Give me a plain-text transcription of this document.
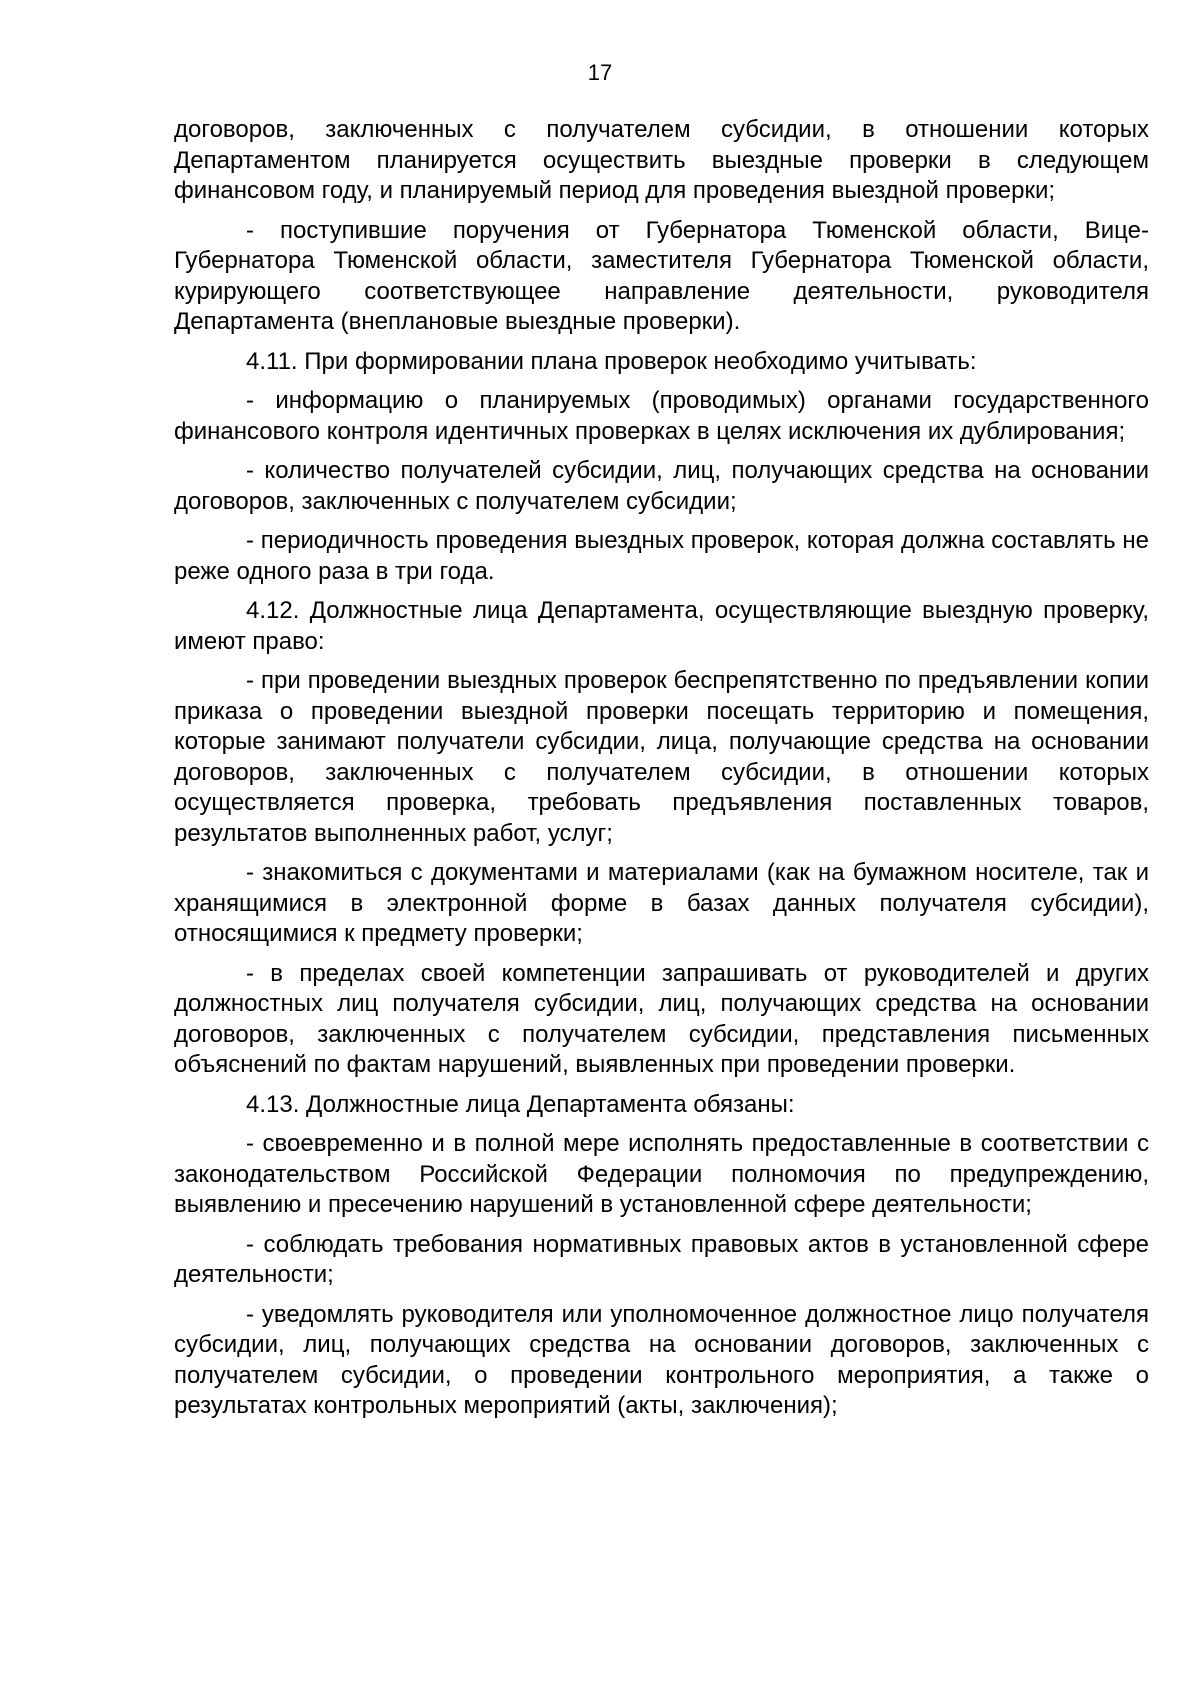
17

договоров, заключенных с получателем субсидии, в отношении которых Департаментом планируется осуществить выездные проверки в следующем финансовом году, и планируемый период для проведения выездной проверки;

- поступившие поручения от Губернатора Тюменской области, Вице-Губернатора Тюменской области, заместителя Губернатора Тюменской области, курирующего соответствующее направление деятельности, руководителя Департамента (внеплановые выездные проверки).

4.11. При формировании плана проверок необходимо учитывать:

- информацию о планируемых (проводимых) органами государственного финансового контроля идентичных проверках в целях исключения их дублирования;

- количество получателей субсидии, лиц, получающих средства на основании договоров, заключенных с получателем субсидии;

- периодичность проведения выездных проверок, которая должна составлять не реже одного раза в три года.

4.12. Должностные лица Департамента, осуществляющие выездную проверку, имеют право:

- при проведении выездных проверок беспрепятственно по предъявлении копии приказа о проведении выездной проверки посещать территорию и помещения, которые занимают получатели субсидии, лица, получающие средства на основании договоров, заключенных с получателем субсидии, в отношении которых осуществляется проверка, требовать предъявления поставленных товаров, результатов выполненных работ, услуг;

- знакомиться с документами и материалами (как на бумажном носителе, так и хранящимися в электронной форме в базах данных получателя субсидии), относящимися к предмету проверки;

- в пределах своей компетенции запрашивать от руководителей и других должностных лиц получателя субсидии, лиц, получающих средства на основании договоров, заключенных с получателем субсидии, представления письменных объяснений по фактам нарушений, выявленных при проведении проверки.

4.13. Должностные лица Департамента обязаны:

- своевременно и в полной мере исполнять предоставленные в соответствии с законодательством Российской Федерации полномочия по предупреждению, выявлению и пресечению нарушений в установленной сфере деятельности;

- соблюдать требования нормативных правовых актов в установленной сфере деятельности;

- уведомлять руководителя или уполномоченное должностное лицо получателя субсидии, лиц, получающих средства на основании договоров, заключенных с получателем субсидии, о проведении контрольного мероприятия, а также о результатах контрольных мероприятий (акты, заключения);
